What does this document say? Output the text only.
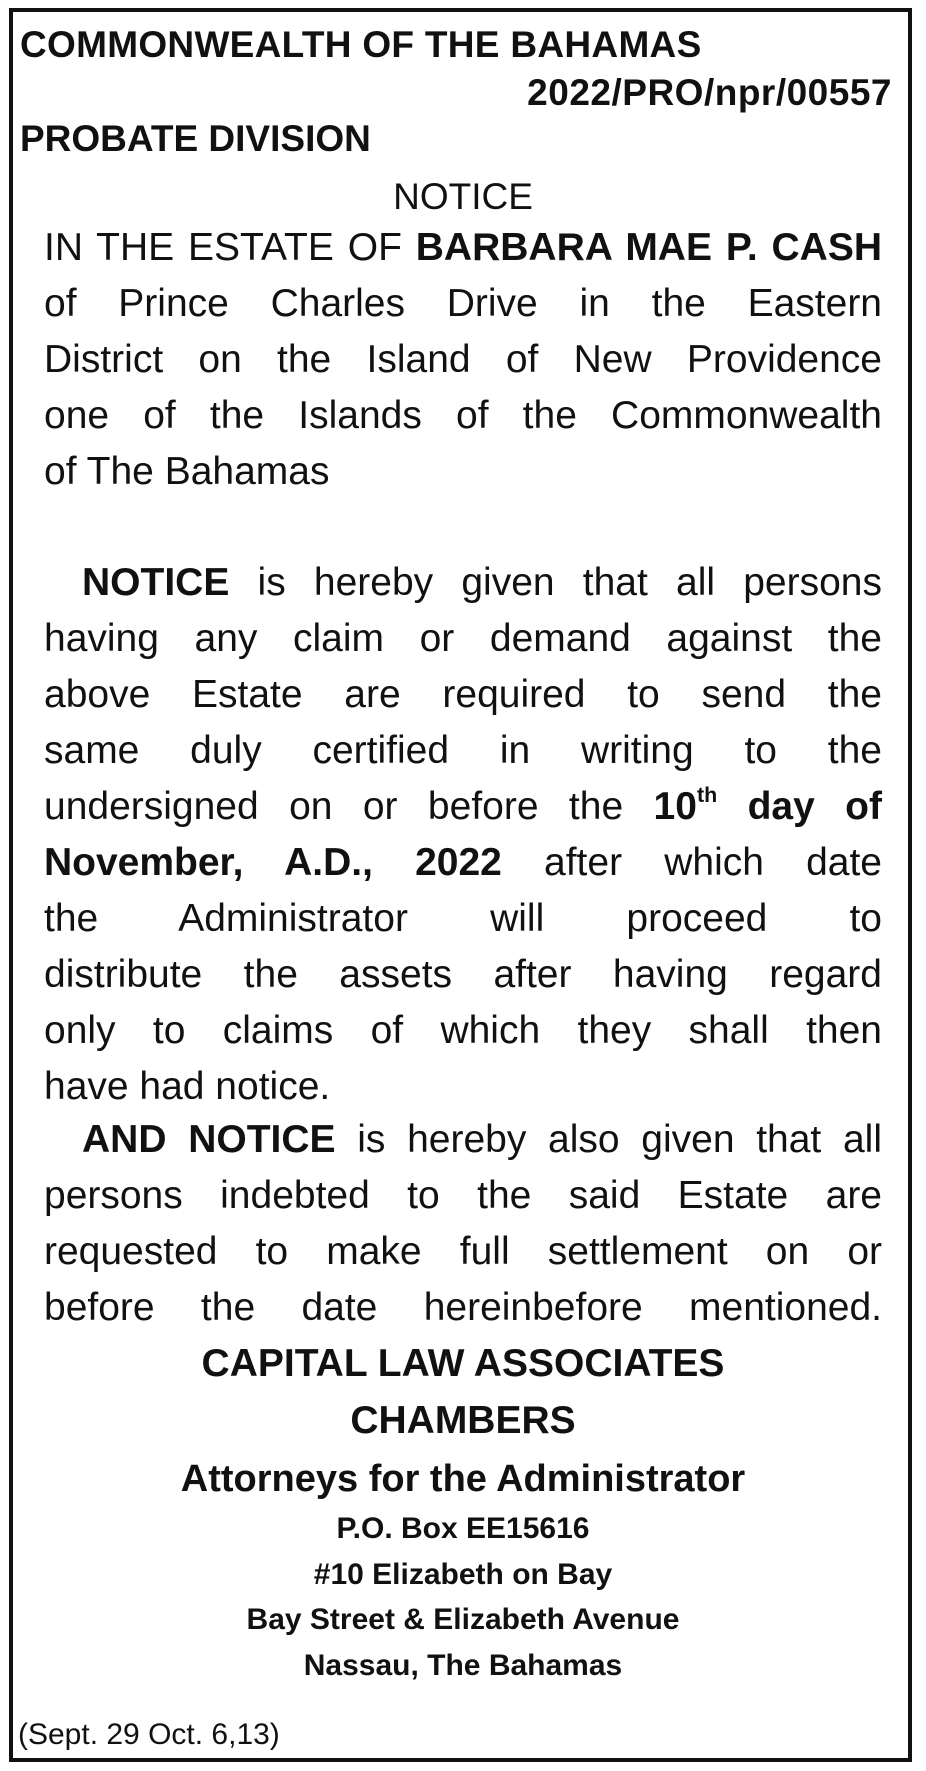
COMMONWEALTH OF THE BAHAMAS
2022/PRO/npr/00557
PROBATE DIVISION
NOTICE
IN THE ESTATE OF BARBARA MAE P. CASH
of Prince Charles Drive in the Eastern
District on the Island of New Providence
one of the Islands of the Commonwealth
of The Bahamas
NOTICE is hereby given that all persons
having any claim or demand against the
above Estate are required to send the
same duly certified in writing to the
undersigned on or before the 10th day of
November, A.D., 2022 after which date
the Administrator will proceed to
distribute the assets after having regard
only to claims of which they shall then
have had notice.
AND NOTICE is hereby also given that all
persons indebted to the said Estate are
requested to make full settlement on or
before the date hereinbefore mentioned.
CAPITAL LAW ASSOCIATES
CHAMBERS
Attorneys for the Administrator
P.O. Box EE15616
#10 Elizabeth on Bay
Bay Street & Elizabeth Avenue
Nassau, The Bahamas
(Sept. 29 Oct. 6,13)
